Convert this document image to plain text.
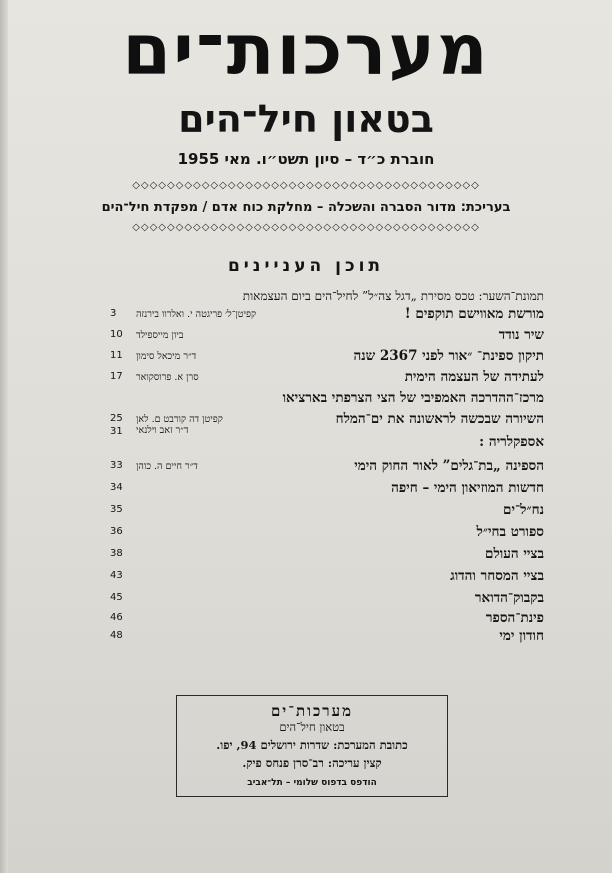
מערכות־ים
בטאון חיל־הים
חוברת כ״ד – סיון תשט״ו. מאי 1955
◇◇◇◇◇◇◇◇◇◇◇◇◇◇◇◇◇◇◇◇◇◇◇◇◇◇◇◇◇◇◇◇◇◇◇◇◇◇◇◇
בעריכת: מדור הסברה והשכלה – מחלקת כוח אדם / מפקדת חיל־הים
◇◇◇◇◇◇◇◇◇◇◇◇◇◇◇◇◇◇◇◇◇◇◇◇◇◇◇◇◇◇◇◇◇◇◇◇◇◇◇◇
תוכן העניינים
תמונת־השער: טכס מסירת „דגל צה״ל” לחיל־הים ביום העצמאות
מורשת מאווישם תוקפים !
קפיטן־ל׳ פריגטה י. ואלרוו בירנזה
3
שיר נודד
ביון מייספילד
10
תיקון ספינת־ ״אור לפני 2367 שנה
ד״ר מיכאל סימון
11
לעתידה של העצמה הימית
סרן א. פרוסקואר
17
מרכז־ההדרכה האמפיבי של הצי הצרפתי בארציאו
השיורה שבכשה לראשונה את ים־המלח
קפיטן דה קורבט ם. לאן
25
אספקלריה :
ד״ר זאב וילנאי
31
הספינה „בת־גלים” לאור החוק הימי
ד״ר חיים ה. כוהן
33
חדשות המוזיאון הימי – חיפה
34
נח״ל־ים
35
ספורט בחי״ל
36
בציי העולם
38
בציי המסחר והדוג
43
בקבוק־הדואר
45
פינת־הספר
46
חודון ימי
48
מערכות־ים
בטאון חיל־הים
כתובת המערכת: שדרות ירושלים 94, יפו.
קצין עריכה: רב־סרן פנחס פיק.
הודפס בדפוס שלומי – תל־אביב
